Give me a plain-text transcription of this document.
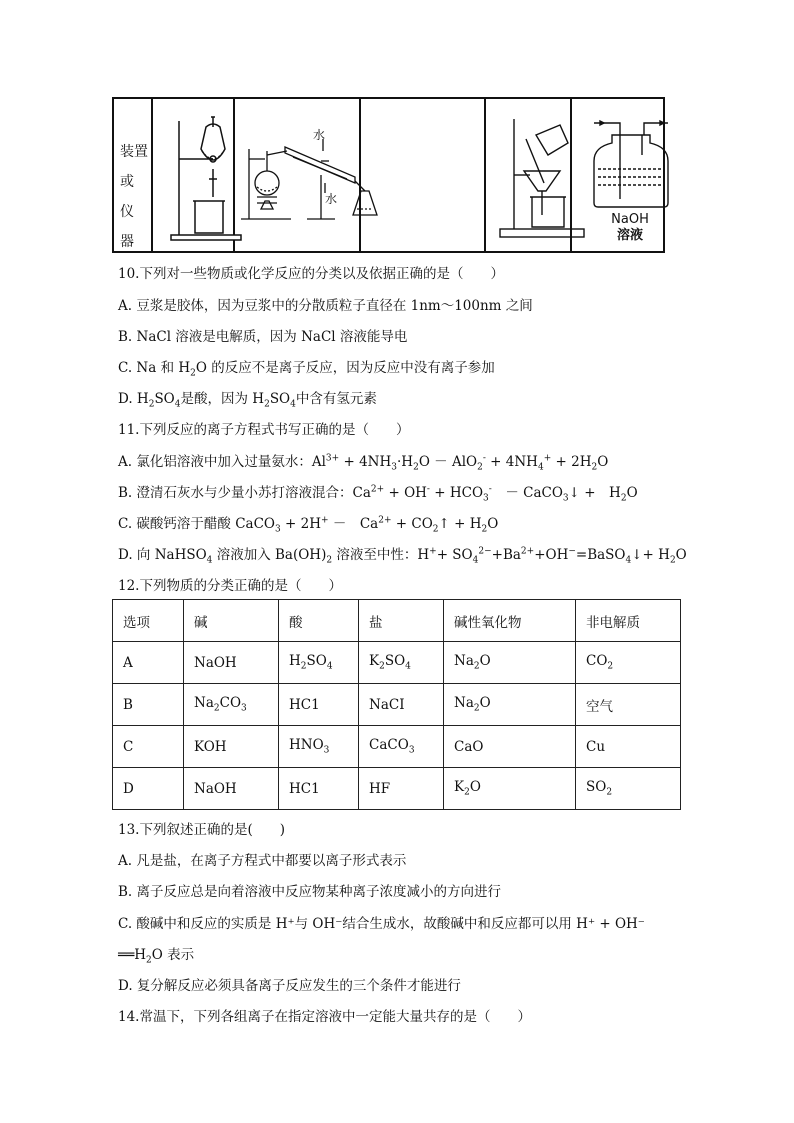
装置
或 仪
器
水
水
NaOH
溶液
10.下列对一些物质或化学反应的分类以及依据正确的是（　　）
A. 豆浆是胶体，因为豆浆中的分散质粒子直径在 1nm～100nm 之间
B. NaCl 溶液是电解质，因为 NaCl 溶液能导电
C. Na 和 $H_2O$ 的反应不是离子反应，因为反应中没有离子参加
D. $H_2SO_4$是酸，因为 $H_2SO_4$中含有氢元素
11.下列反应的离子方程式书写正确的是（　　）
A. 氯化铝溶液中加入过量氨水：$Al^{3+} + 4NH_3\cdot H_2O - AlO_2^- + 4NH_4^+ + 2H_2O$
B. 澄清石灰水与少量小苏打溶液混合：$Ca^{2+} + OH^- + HCO_3^-$　－ CaCO$_3$↓ +　$H_2O$
C. 碳酸钙溶于醋酸 CaCO$_3$ + 2H+ －　$Ca^{2+}$ + $CO_2↑ + H_2O$
D. 向 NaHSO$_4$ 溶液加入 $Ba(OH)_2$ 溶液至中性：$H^++ SO_4^{2-}+Ba^{2+}+OH^-=BaSO_4↓+ H_2O$
12.下列物质的分类正确的是（　　）
选项	碱	酸	盐	碱性氧化物	非电解质
A	NaOH	$H_2SO_4$	$K_2SO_4$	$Na_2O$	$CO_2$
B	$Na_2CO_3$	HC1	NaCI	$Na_2O$	空气
C	KOH	$HNO_3$	CaCO$_3$	CaO	Cu
D	NaOH	HC1	HF	$K_2O$	$SO_2$
13.下列叙述正确的是(　　)
A. 凡是盐，在离子方程式中都要以离子形式表示
B. 离子反应总是向着溶液中反应物某种离子浓度减小的方向进行
C. 酸碱中和反应的实质是 H⁺与 OH⁻结合生成水，故酸碱中和反应都可以用 H⁺ + OH⁻
$══H_2O$ 表示
D. 复分解反应必须具备离子反应发生的三个条件才能进行
14.常温下，下列各组离子在指定溶液中一定能大量共存的是（　　）
